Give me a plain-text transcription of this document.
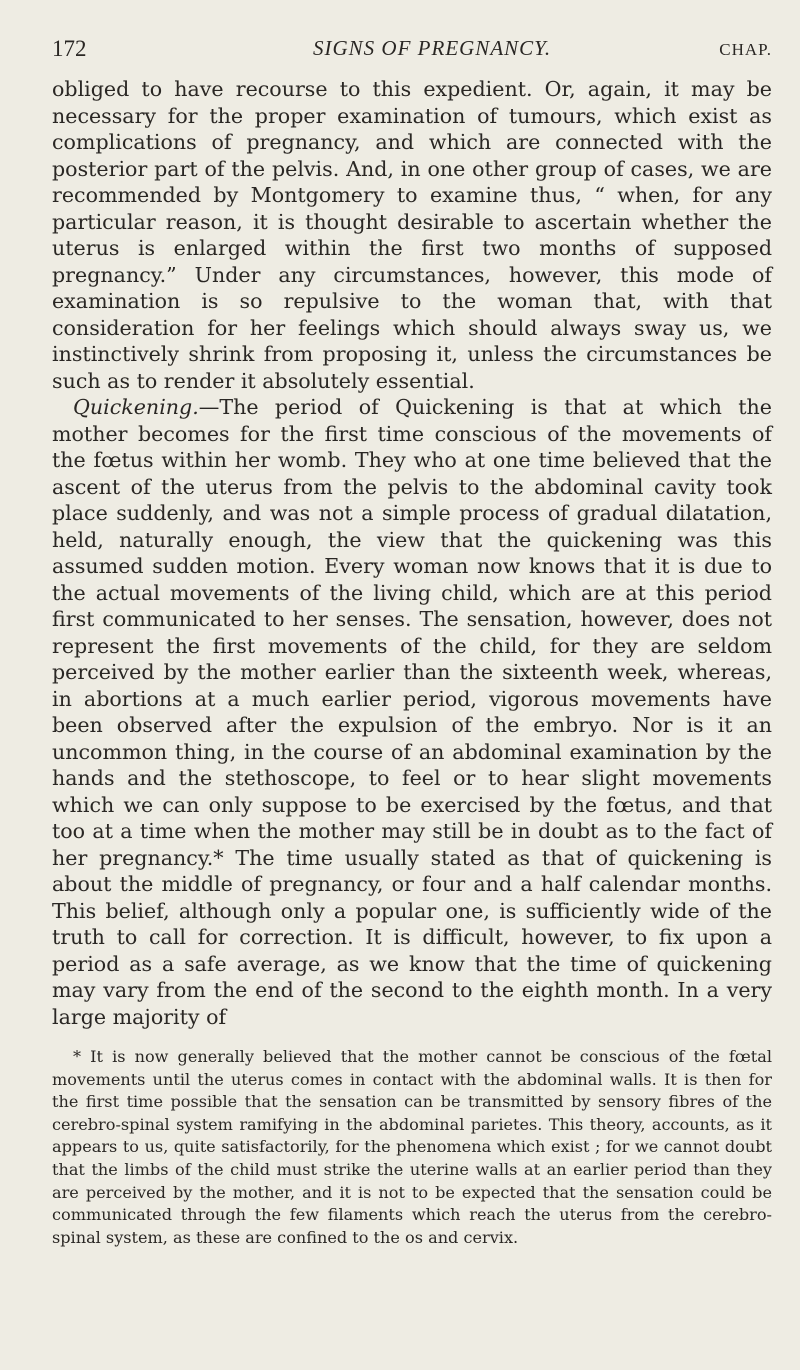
172	SIGNS OF PREGNANCY.	CHAP.

obliged to have recourse to this expedient. Or, again, it may be necessary for the proper examination of tumours, which exist as complications of pregnancy, and which are connected with the posterior part of the pelvis. And, in one other group of cases, we are recommended by Montgomery to examine thus, “ when, for any particular reason, it is thought desirable to ascertain whether the uterus is enlarged within the first two months of supposed pregnancy.” Under any circumstances, however, this mode of examination is so repulsive to the woman that, with that consideration for her feelings which should always sway us, we instinctively shrink from proposing it, unless the circumstances be such as to render it absolutely essential.

Quickening.—The period of Quickening is that at which the mother becomes for the first time conscious of the movements of the fœtus within her womb. They who at one time believed that the ascent of the uterus from the pelvis to the abdominal cavity took place suddenly, and was not a simple process of gradual dilatation, held, naturally enough, the view that the quickening was this assumed sudden motion. Every woman now knows that it is due to the actual movements of the living child, which are at this period first communicated to her senses. The sensation, however, does not represent the first movements of the child, for they are seldom perceived by the mother earlier than the sixteenth week, whereas, in abortions at a much earlier period, vigorous movements have been observed after the expulsion of the embryo. Nor is it an uncommon thing, in the course of an abdominal examination by the hands and the stethoscope, to feel or to hear slight movements which we can only suppose to be exercised by the fœtus, and that too at a time when the mother may still be in doubt as to the fact of her pregnancy.* The time usually stated as that of quickening is about the middle of pregnancy, or four and a half calendar months. This belief, although only a popular one, is sufficiently wide of the truth to call for correction. It is difficult, however, to fix upon a period as a safe average, as we know that the time of quickening may vary from the end of the second to the eighth month. In a very large majority of

* It is now generally believed that the mother cannot be conscious of the fœtal movements until the uterus comes in contact with the abdominal walls. It is then for the first time possible that the sensation can be transmitted by sensory fibres of the cerebro-spinal system ramifying in the abdominal parietes. This theory, accounts, as it appears to us, quite satisfactorily, for the phenomena which exist ; for we cannot doubt that the limbs of the child must strike the uterine walls at an earlier period than they are perceived by the mother, and it is not to be expected that the sensation could be communicated through the few filaments which reach the uterus from the cerebro-spinal system, as these are confined to the os and cervix.
